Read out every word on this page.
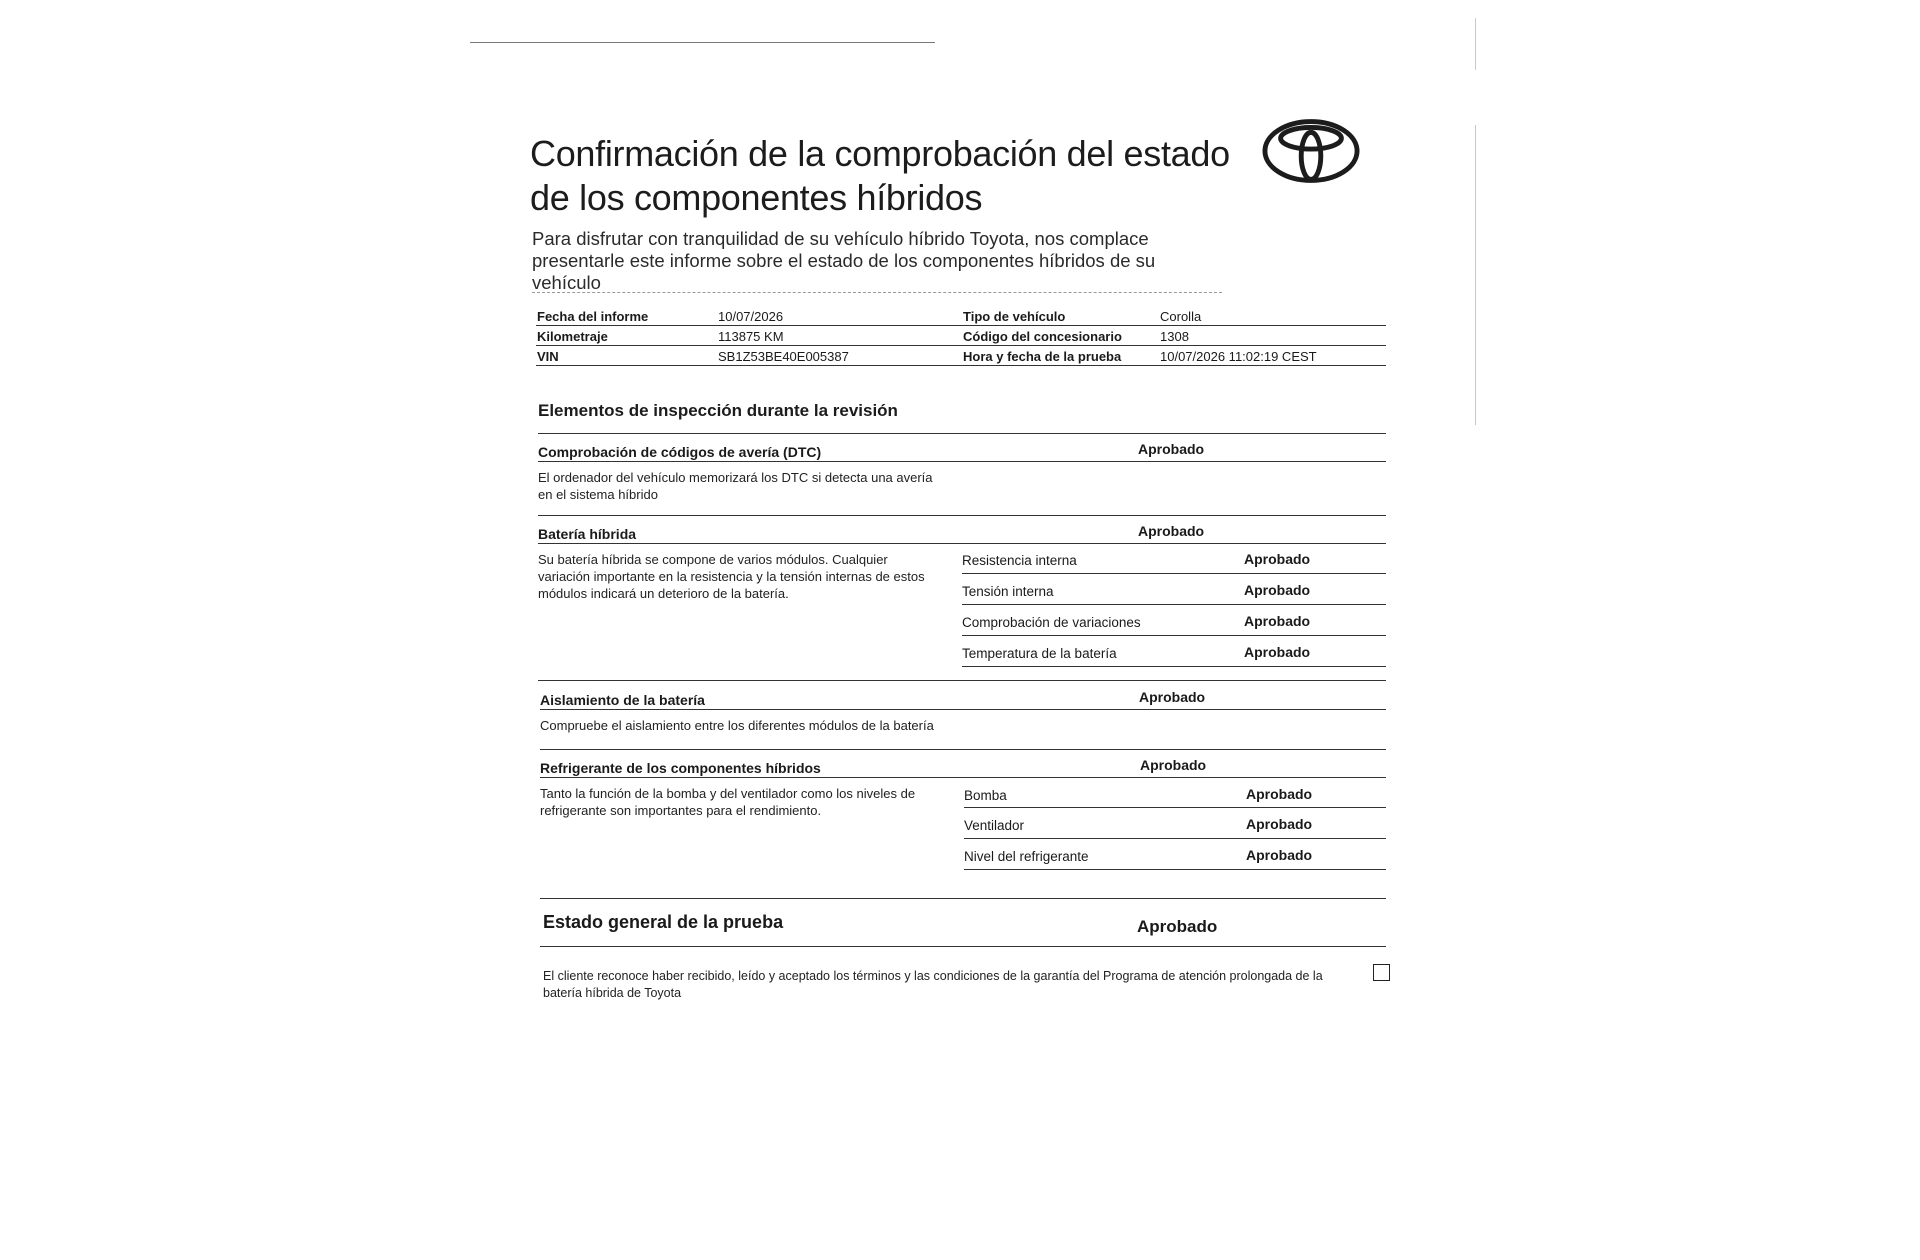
Confirmación de la comprobación del estado
de los componentes híbridos
Para disfrutar con tranquilidad de su vehículo híbrido Toyota, nos complace presentarle este informe sobre el estado de los componentes híbridos de su vehículo
Fecha del informe	10/07/2026	Tipo de vehículo	Corolla
Kilometraje	113875 KM	Código del concesionario	1308
VIN	SB1Z53BE40E005387	Hora y fecha de la prueba	10/07/2026 11:02:19 CEST
Elementos de inspección durante la revisión
Comprobación de códigos de avería (DTC)	Aprobado
El ordenador del vehículo memorizará los DTC si detecta una avería en el sistema híbrido
Batería híbrida	Aprobado
Su batería híbrida se compone de varios módulos. Cualquier variación importante en la resistencia y la tensión internas de estos módulos indicará un deterioro de la batería.
Resistencia interna	Aprobado
Tensión interna	Aprobado
Comprobación de variaciones	Aprobado
Temperatura de la batería	Aprobado
Aislamiento de la batería	Aprobado
Compruebe el aislamiento entre los diferentes módulos de la batería
Refrigerante de los componentes híbridos	Aprobado
Tanto la función de la bomba y del ventilador como los niveles de refrigerante son importantes para el rendimiento.
Bomba	Aprobado
Ventilador	Aprobado
Nivel del refrigerante	Aprobado
Estado general de la prueba	Aprobado
El cliente reconoce haber recibido, leído y aceptado los términos y las condiciones de la garantía del Programa de atención prolongada de la batería híbrida de Toyota
